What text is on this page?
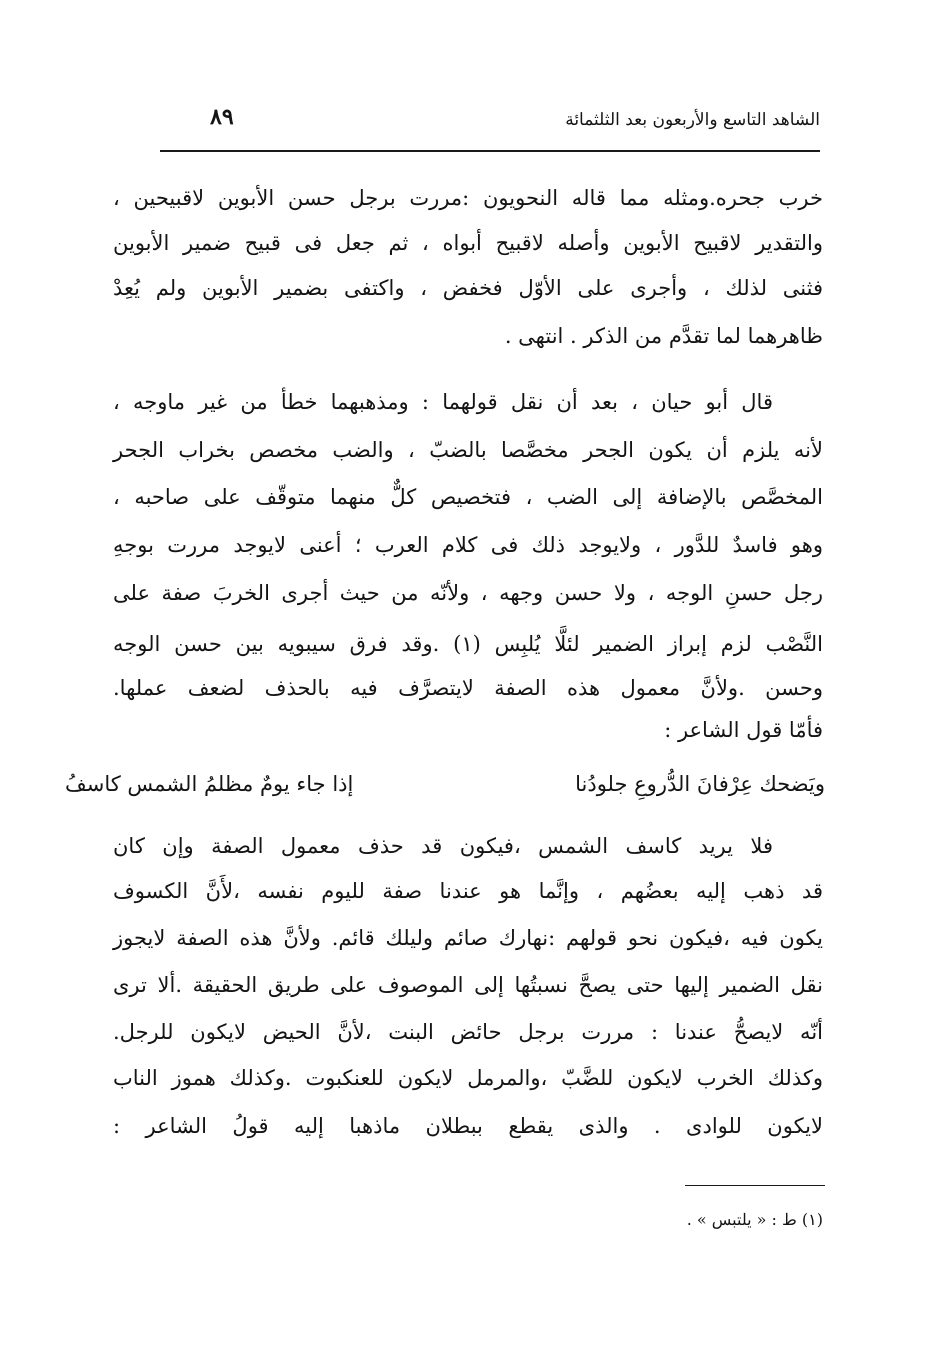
الشاهد التاسع والأربعون بعد الثلثمائة
٨٩
خرب جحره.ومثله مما قاله النحويون :مررت برجل حسن الأبوين لاقبيحين ،
والتقدير لاقبيح الأبوين وأصله لاقبيح أبواه ، ثم جعل فى قبيح ضمير الأبوين
فثنى لذلك ، وأجرى على الأوّل فخفض ، واكتفى بضمير الأبوين ولم يُعِدْ
ظاهرهما لما تقدَّم من الذكر . انتهى .
قال أبو حيان ، بعد أن نقل قولهما : ومذهبهما خطأ من غير ماوجه ،
لأنه يلزم أن يكون الجحر مخصَّصا بالضبّ ، والضب مخصص بخراب الجحر
المخصَّص بالإضافة إلى الضب ، فتخصيص كلٌّ منهما متوقّف على صاحبه ،
وهو فاسدٌ للدَّور ، ولايوجد ذلك فى كلام العرب ؛ أعنى لايوجد مررت بوجهِ
رجل حسنِ الوجه ، ولا حسن وجهه ، ولأنّه من حيث أجرى الخربَ صفة على
النَّصْب لزم إبراز الضمير لئلَّا يُلبِس (١) .وقد فرق سيبويه بين حسن الوجه
وحسن .ولأنَّ معمول هذه الصفة لايتصرَّف فيه بالحذف لضعف عملها.
فأمّا قول الشاعر :
ويَضحك عِرْفانَ الدُّروعِ جلودُنا
إذا جاء يومٌ مظلمُ الشمس كاسفُ
فلا يريد كاسف الشمس ،فيكون قد حذف معمول الصفة وإن كان
قد ذهب إليه بعضُهم ، وإنَّما هو عندنا صفة لليوم نفسه ،لأَنَّ الكسوف
يكون فيه ،فيكون نحو قولهم :نهارك صائم وليلك قائم. ولأنَّ هذه الصفة لايجوز
نقل الضمير إليها حتى يصحَّ نسبتُها إلى الموصوف على طريق الحقيقة .ألا ترى
أنّه لايصحُّ عندنا : مررت برجل حائض البنت ،لأنَّ الحيض لايكون للرجل.
وكذلك الخرب لايكون للضَّبّ ،والمرمل لايكون للعنكبوت .وكذلك هموز الناب
لايكون للوادى . والذى يقطع ببطلان ماذهبا إليه قولُ الشاعر :
(١) ط : « يلتبس » .
